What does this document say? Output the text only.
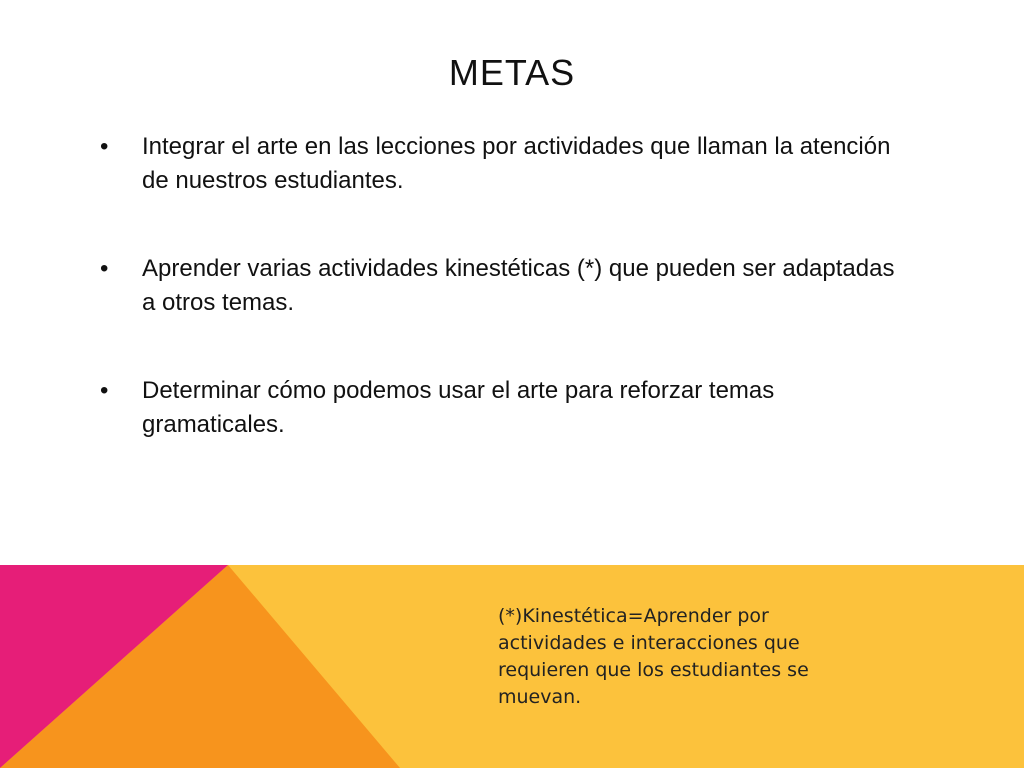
METAS
• Integrar el arte en las lecciones por actividades que llaman la atención de nuestros estudiantes.
• Aprender varias actividades kinestéticas (*) que pueden ser adaptadas a otros temas.
• Determinar cómo podemos usar el arte para reforzar temas gramaticales.
(*)Kinestética=Aprender por actividades e interacciones que requieren que los estudiantes se muevan.
